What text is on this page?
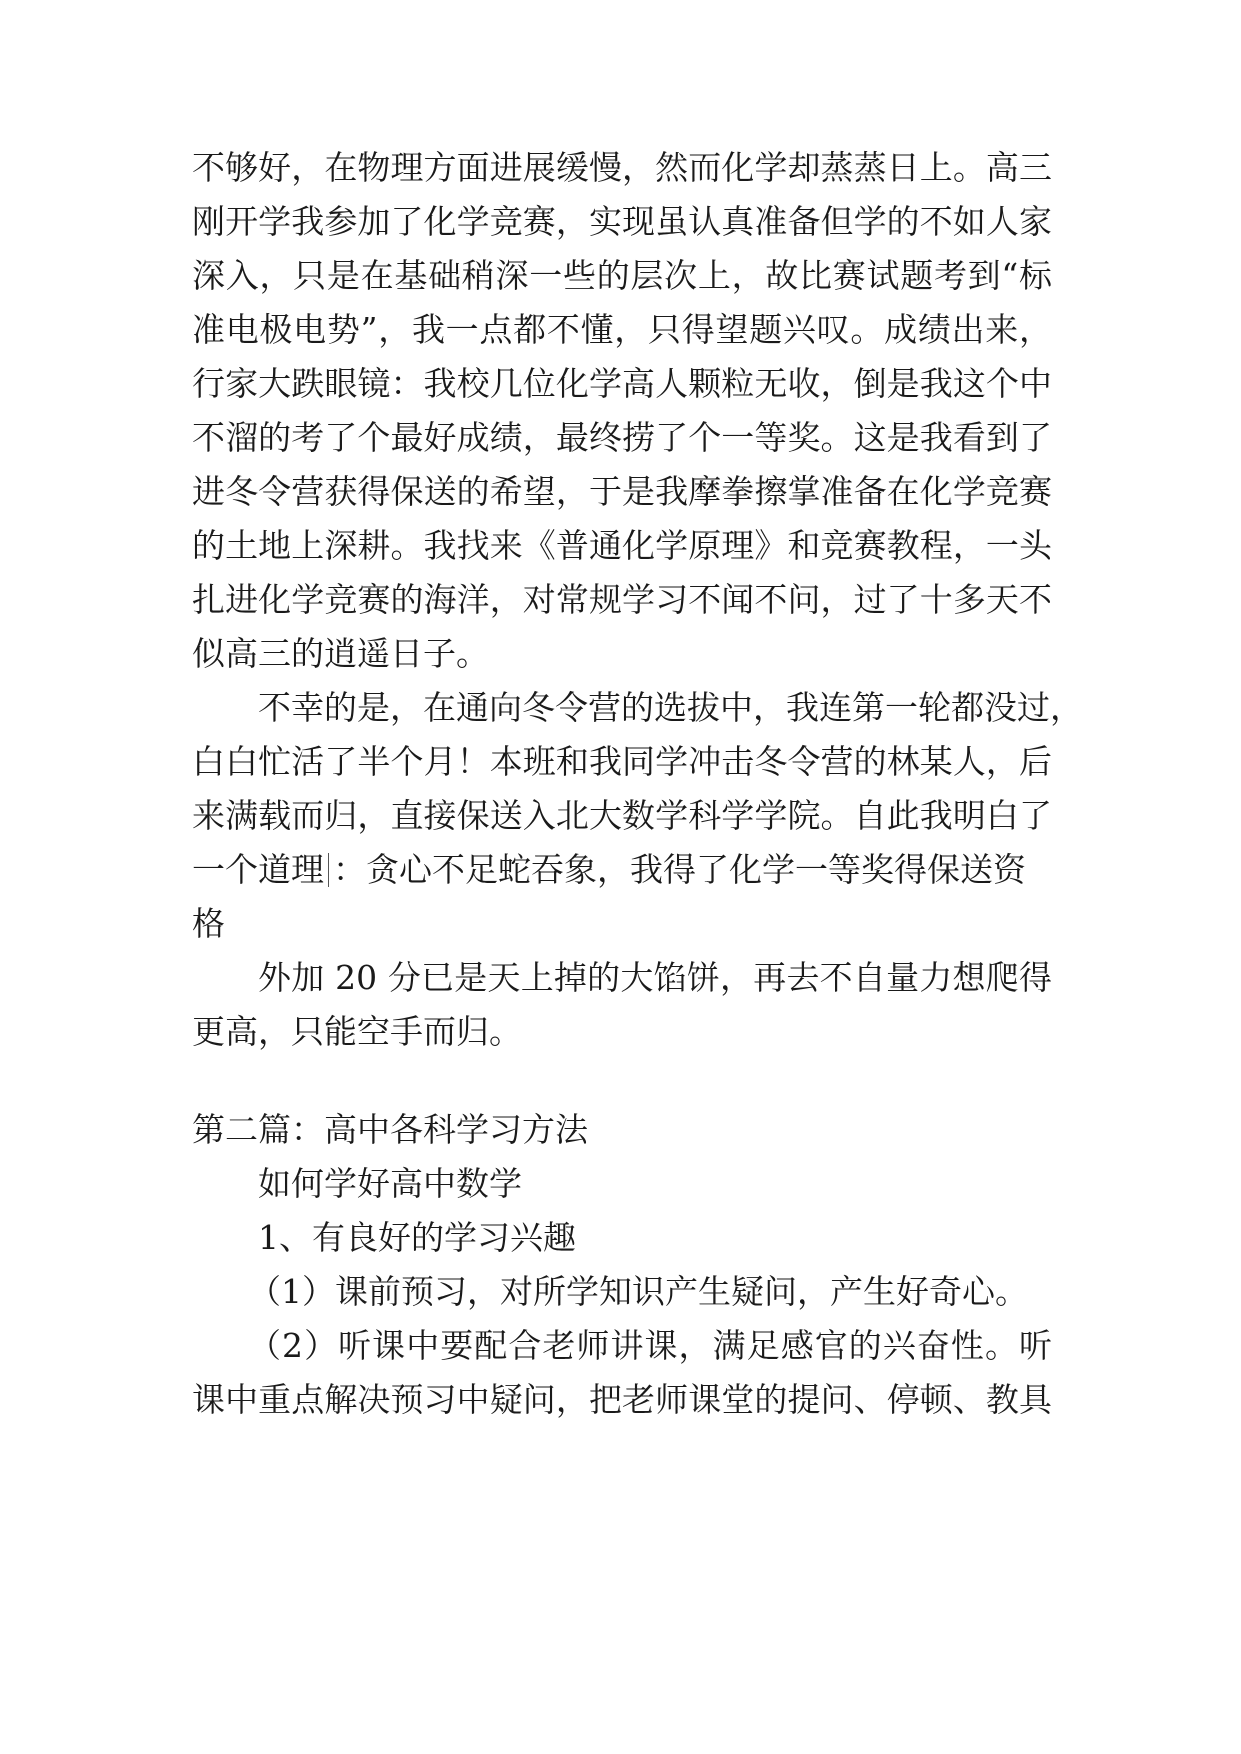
不够好，在物理方面进展缓慢，然而化学却蒸蒸日上。高三
刚开学我参加了化学竞赛，实现虽认真准备但学的不如人家
深入，只是在基础稍深一些的层次上，故比赛试题考到“标
准电极电势”，我一点都不懂，只得望题兴叹。成绩出来，
行家大跌眼镜：我校几位化学高人颗粒无收，倒是我这个中
不溜的考了个最好成绩，最终捞了个一等奖。这是我看到了
进冬令营获得保送的希望，于是我摩拳擦掌准备在化学竞赛
的土地上深耕。我找来《普通化学原理》和竞赛教程，一头
扎进化学竞赛的海洋，对常规学习不闻不问，过了十多天不
似高三的逍遥日子。
不幸的是，在通向冬令营的选拔中，我连第一轮都没过，
白白忙活了半个月！本班和我同学冲击冬令营的林某人，后
来满载而归，直接保送入北大数学科学学院。自此我明白了
一个道理 ：贪心不足蛇吞象，我得了化学一等奖得保送资
格
外加 20 分已是天上掉的大馅饼，再去不自量力想爬得
更高，只能空手而归。
第二篇：高中各科学习方法
如何学好高中数学
1、有良好的学习兴趣
（1）课前预习，对所学知识产生疑问，产生好奇心。
（2）听课中要配合老师讲课，满足感官的兴奋性。听
课中重点解决预习中疑问，把老师课堂的提问、停顿、教具
